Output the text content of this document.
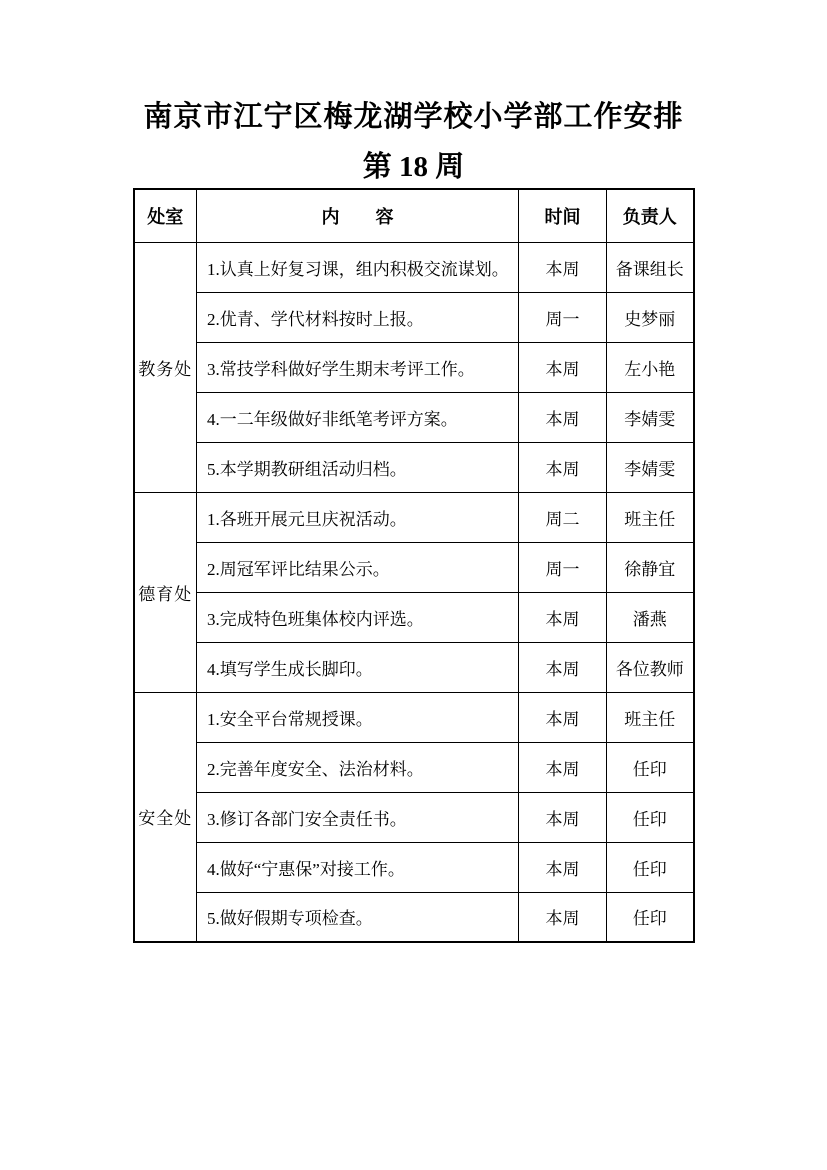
南京市江宁区梅龙湖学校小学部工作安排
第 18 周
处室	内　　容	时间	负责人
教务处	1.认真上好复习课，组内积极交流谋划。	本周	备课组长
	2.优青、学代材料按时上报。	周一	史梦丽
	3.常技学科做好学生期末考评工作。	本周	左小艳
	4.一二年级做好非纸笔考评方案。	本周	李婧雯
	5.本学期教研组活动归档。	本周	李婧雯
德育处	1.各班开展元旦庆祝活动。	周二	班主任
	2.周冠军评比结果公示。	周一	徐静宜
	3.完成特色班集体校内评选。	本周	潘燕
	4.填写学生成长脚印。	本周	各位教师
安全处	1.安全平台常规授课。	本周	班主任
	2.完善年度安全、法治材料。	本周	任印
	3.修订各部门安全责任书。	本周	任印
	4.做好“宁惠保”对接工作。	本周	任印
	5.做好假期专项检查。	本周	任印
